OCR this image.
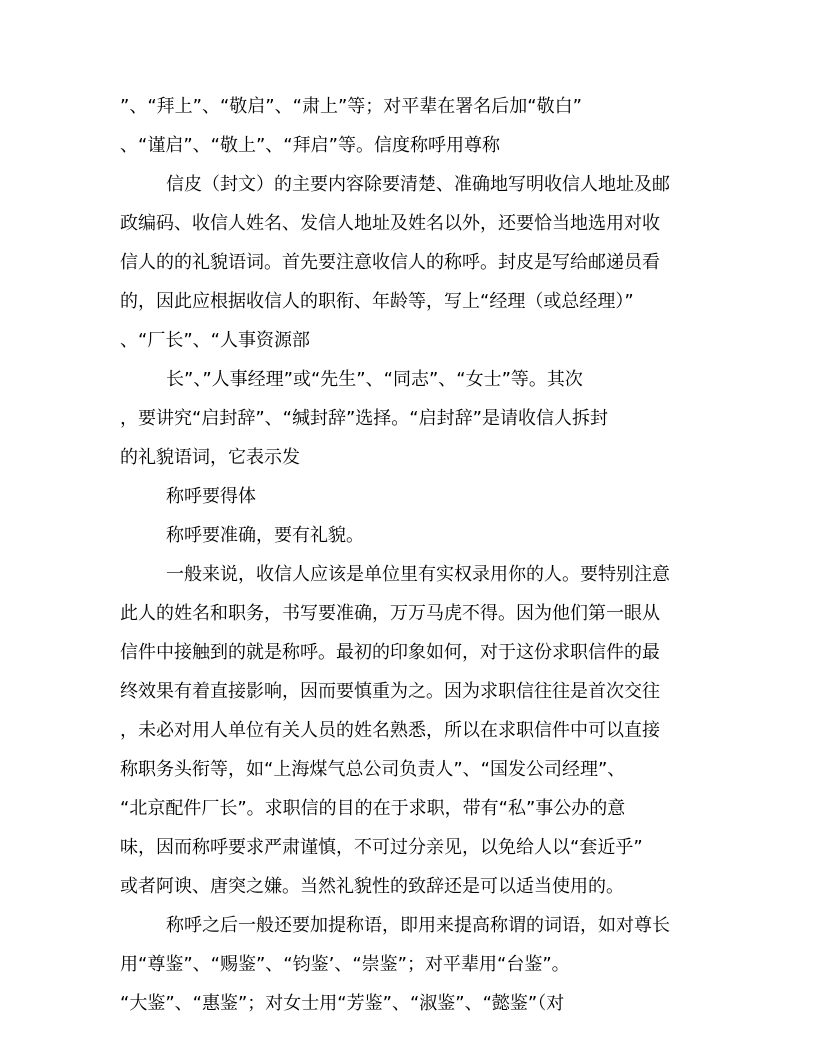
”、“拜上”、“敬启”、“肃上”等；对平辈在署名后加“敬白”
、“谨启”、“敬上”、“拜启”等。信度称呼用尊称
信皮（封文）的主要内容除要清楚、准确地写明收信人地址及邮
政编码、收信人姓名、发信人地址及姓名以外，还要恰当地选用对收
信人的的礼貌语词。首先要注意收信人的称呼。封皮是写给邮递员看
的，因此应根据收信人的职衔、年龄等，写上“经理（或总经理）”
、“厂长”、“人事资源部
长”、”人事经理”或“先生”、“同志”、“女士”等。其次
，要讲究“启封辞”、“缄封辞”选择。“启封辞”是请收信人拆封
的礼貌语词，它表示发
称呼要得体
称呼要准确，要有礼貌。
一般来说，收信人应该是单位里有实权录用你的人。要特别注意
此人的姓名和职务，书写要准确，万万马虎不得。因为他们第一眼从
信件中接触到的就是称呼。最初的印象如何，对于这份求职信件的最
终效果有着直接影响，因而要慎重为之。因为求职信往往是首次交往
，未必对用人单位有关人员的姓名熟悉，所以在求职信件中可以直接
称职务头衔等，如“上海煤气总公司负责人”、“国发公司经理”、
“北京配件厂长”。求职信的目的在于求职，带有“私”事公办的意
味，因而称呼要求严肃谨慎，不可过分亲见，以免给人以“套近乎”
或者阿谀、唐突之嫌。当然礼貌性的致辞还是可以适当使用的。
称呼之后一般还要加提称语，即用来提高称谓的词语，如对尊长
用“尊鉴”、“赐鉴”、“钧鉴’、“崇鉴”；对平辈用“台鉴”。
“大鉴”、“惠鉴”；对女士用“芳鉴”、“淑鉴”、“懿鉴”（对
